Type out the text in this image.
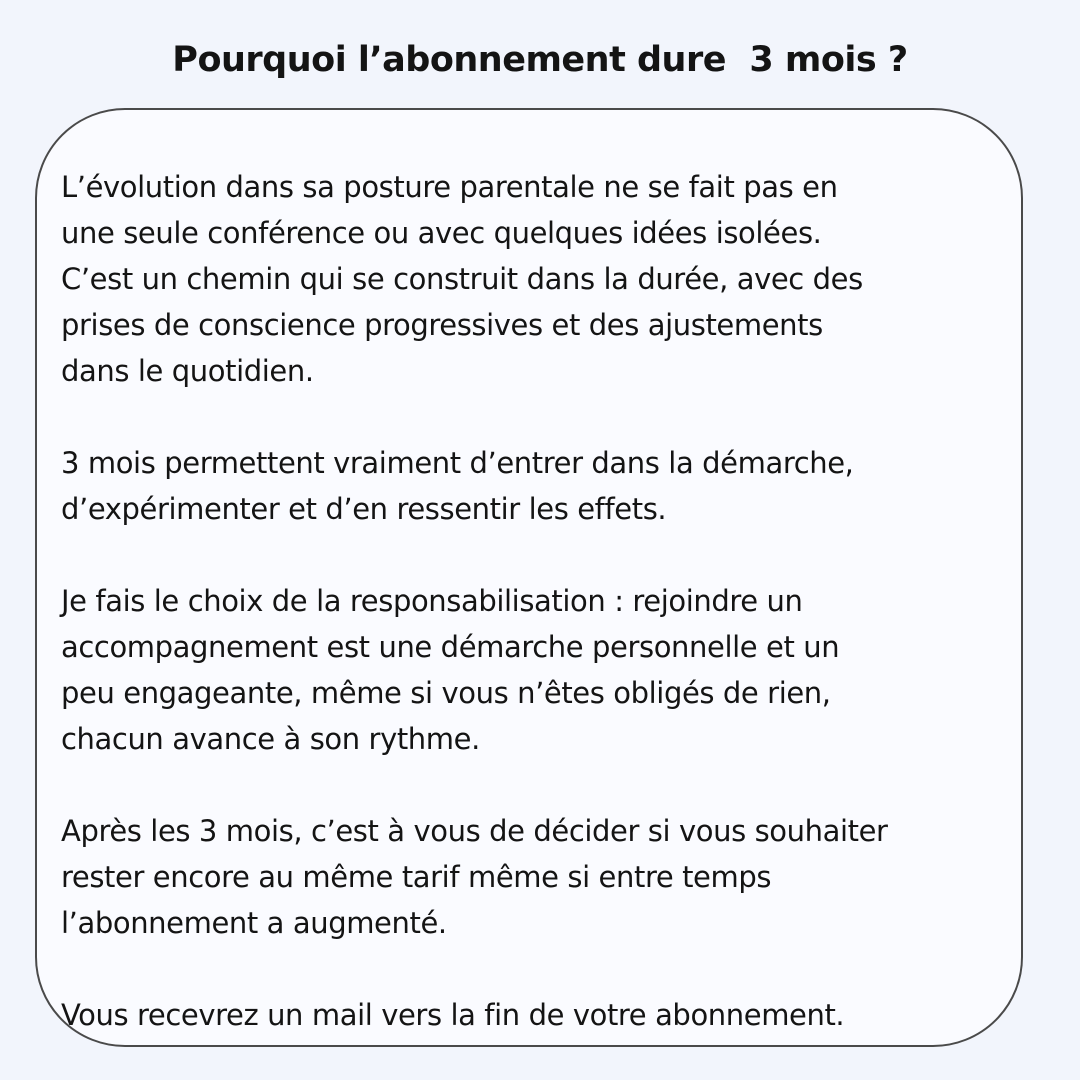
Pourquoi l’abonnement dure  3 mois ?

L’évolution dans sa posture parentale ne se fait pas en
une seule conférence ou avec quelques idées isolées.
C’est un chemin qui se construit dans la durée, avec des
prises de conscience progressives et des ajustements
dans le quotidien.

3 mois permettent vraiment d’entrer dans la démarche,
d’expérimenter et d’en ressentir les effets.

Je fais le choix de la responsabilisation : rejoindre un
accompagnement est une démarche personnelle et un
peu engageante, même si vous n’êtes obligés de rien,
chacun avance à son rythme.

Après les 3 mois, c’est à vous de décider si vous souhaiter
rester encore au même tarif même si entre temps
l’abonnement a augmenté.

Vous recevrez un mail vers la fin de votre abonnement.
